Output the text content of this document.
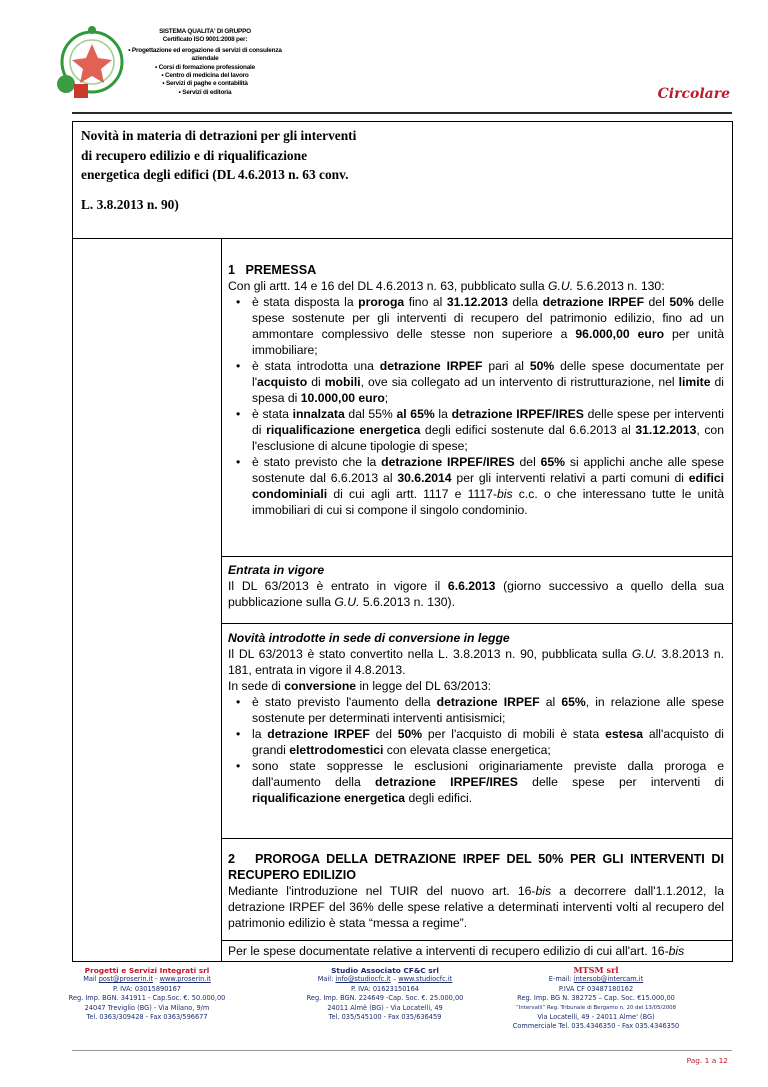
SISTEMA QUALITA' DI GRUPPO
Certificato ISO 9001:2008 per:
• Progettazione ed erogazione di servizi di consulenza aziendale
• Corsi di formazione professionale
• Centro di medicina del lavoro
• Servizi di paghe e contabilità
• Servizi di editoria	Circolare
Novità in materia di detrazioni per gli interventi
di recupero edilizio e di riqualificazione
energetica degli edifici (DL 4.6.2013 n. 63 conv.

L. 3.8.2013 n. 90)

1 PREMESSA

Con gli artt. 14 e 16 del DL 4.6.2013 n. 63, pubblicato sulla G.U. 5.6.2013 n. 130:

• è stata disposta la proroga fino al 31.12.2013 della detrazione IRPEF del 50% delle spese sostenute per gli interventi di recupero del patrimonio edilizio, fino ad un ammontare complessivo delle stesse non superiore a 96.000,00 euro per unità immobiliare;
• è stata introdotta una detrazione IRPEF pari al 50% delle spese documentate per l'acquisto di mobili, ove sia collegato ad un intervento di ristrutturazione, nel limite di spesa di 10.000,00 euro;
• è stata innalzata dal 55% al 65% la detrazione IRPEF/IRES delle spese per interventi di riqualificazione energetica degli edifici sostenute dal 6.6.2013 al 31.12.2013, con l'esclusione di alcune tipologie di spese;
• è stato previsto che la detrazione IRPEF/IRES del 65% si applichi anche alle spese sostenute dal 6.6.2013 al 30.6.2014 per gli interventi relativi a parti comuni di edifici condominiali di cui agli artt. 1117 e 1117-bis c.c. o che interessano tutte le unità immobiliari di cui si compone il singolo condominio.

Entrata in vigore

Il DL 63/2013 è entrato in vigore il 6.6.2013 (giorno successivo a quello della sua pubblicazione sulla G.U. 5.6.2013 n. 130).

Novità introdotte in sede di conversione in legge

Il DL 63/2013 è stato convertito nella L. 3.8.2013 n. 90, pubblicata sulla G.U. 3.8.2013 n. 181, entrata in vigore il 4.8.2013.

In sede di conversione in legge del DL 63/2013:

• è stato previsto l'aumento della detrazione IRPEF al 65%, in relazione alle spese sostenute per determinati interventi antisismici;
• la detrazione IRPEF del 50% per l'acquisto di mobili è stata estesa all'acquisto di grandi elettrodomestici con elevata classe energetica;
• sono state soppresse le esclusioni originariamente previste dalla proroga e dall'aumento della detrazione IRPEF/IRES delle spese per interventi di riqualificazione energetica degli edifici.

2 PROROGA DELLA DETRAZIONE IRPEF DEL 50% PER GLI INTERVENTI DI RECUPERO EDILIZIO

Mediante l'introduzione nel TUIR del nuovo art. 16-bis a decorrere dall'1.1.2012, la detrazione IRPEF del 36% delle spese relative a determinati interventi volti al recupero del patrimonio edilizio è stata “messa a regime”.

Per le spese documentate relative a interventi di recupero edilizio di cui all'art. 16-bis

Progetti e Servizi Integrati srl
Mail post@proserin.it - www.proserin.it
P. IVA: 03015890167
Reg. Imp. BGN. 341911 - Cap.Soc. €. 50.000,00
24047 Treviglio (BG) - Via Milano, 9/m
Tel. 0363/309428 - Fax 0363/596677
Studio Associato CF&C srl
Mail: info@studiocfc.it – www.studiocfc.it
P. IVA: 01623150164
Reg. Imp. BGN. 224649 -Cap. Soc. €. 25.000,00
24011 Almè (BG) - Via Locatelli, 49
Tel. 035/545100 - Fax 035/636459
MTSM srl
E-mail: intersob@intercam.it
P.IVA CF 03487180162
Reg. Imp. BG N. 382725 – Cap. Soc. €15.000,00
“Intervalli” Reg. Tribunale di Bergamo n. 20 del 13/05/2008
Via Locatelli, 49 - 24011 Alme' (BG)
Commerciale Tel. 035.4346350 - Fax 035.4346350
Pag. 1 a 12
